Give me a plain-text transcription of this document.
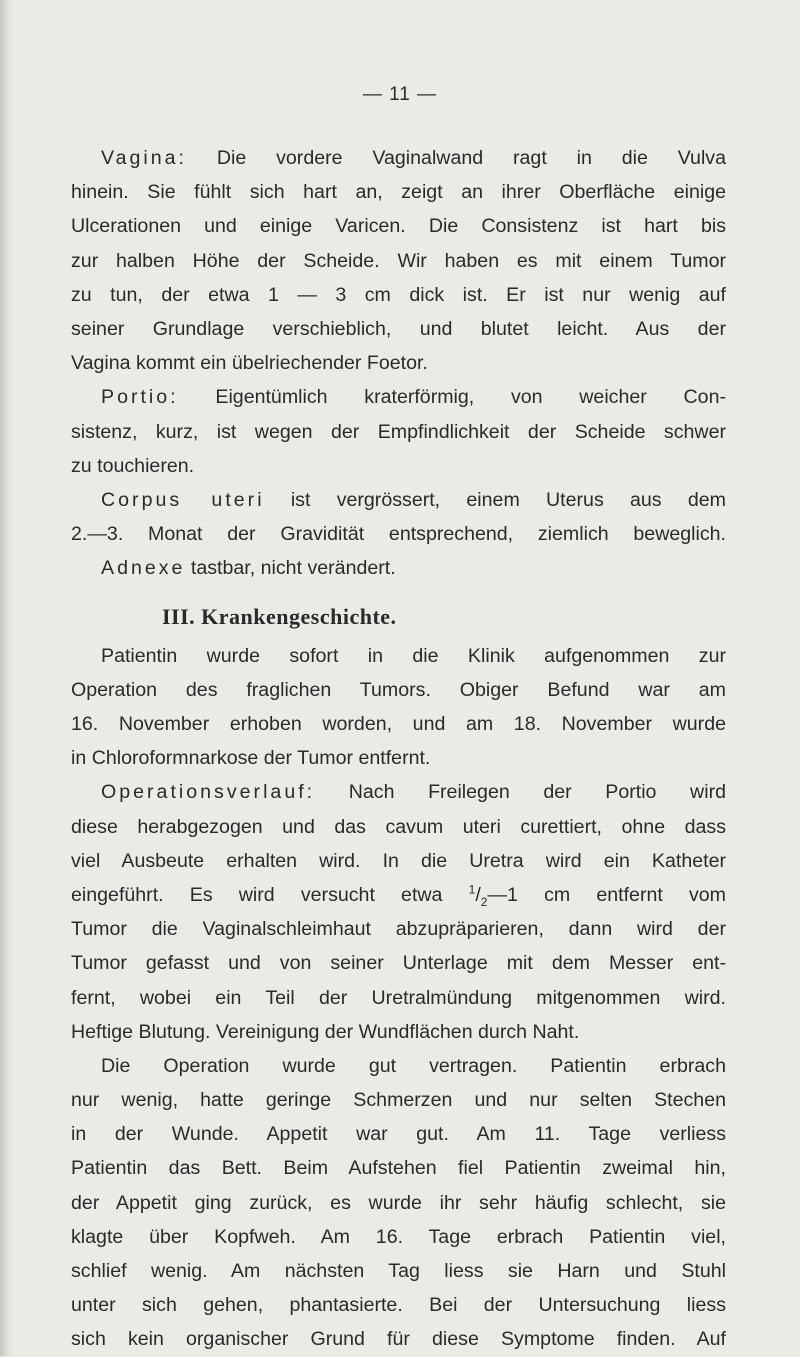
— 11 —
Vagina: Die vordere Vaginalwand ragt in die Vulva
hinein. Sie fühlt sich hart an, zeigt an ihrer Oberfläche einige
Ulcerationen und einige Varicen. Die Consistenz ist hart bis
zur halben Höhe der Scheide. Wir haben es mit einem Tumor
zu tun, der etwa 1 — 3 cm dick ist. Er ist nur wenig auf
seiner Grundlage verschieblich, und blutet leicht. Aus der
Vagina kommt ein übelriechender Foetor.
Portio: Eigentümlich kraterförmig, von weicher Con-
sistenz, kurz, ist wegen der Empfindlichkeit der Scheide schwer
zu touchieren.
Corpus uteri ist vergrössert, einem Uterus aus dem
2.—3. Monat der Gravidität entsprechend, ziemlich beweglich.
Adnexe tastbar, nicht verändert.
III. Krankengeschichte.
Patientin wurde sofort in die Klinik aufgenommen zur
Operation des fraglichen Tumors. Obiger Befund war am
16. November erhoben worden, und am 18. November wurde
in Chloroformnarkose der Tumor entfernt.
Operationsverlauf: Nach Freilegen der Portio wird
diese herabgezogen und das cavum uteri curettiert, ohne dass
viel Ausbeute erhalten wird. In die Uretra wird ein Katheter
eingeführt. Es wird versucht etwa $^1/_2—1$ cm entfernt vom
Tumor die Vaginalschleimhaut abzupräparieren, dann wird der
Tumor gefasst und von seiner Unterlage mit dem Messer ent-
fernt, wobei ein Teil der Uretralmündung mitgenommen wird.
Heftige Blutung. Vereinigung der Wundflächen durch Naht.
Die Operation wurde gut vertragen. Patientin erbrach
nur wenig, hatte geringe Schmerzen und nur selten Stechen
in der Wunde. Appetit war gut. Am 11. Tage verliess
Patientin das Bett. Beim Aufstehen fiel Patientin zweimal hin,
der Appetit ging zurück, es wurde ihr sehr häufig schlecht, sie
klagte über Kopfweh. Am 16. Tage erbrach Patientin viel,
schlief wenig. Am nächsten Tag liess sie Harn und Stuhl
unter sich gehen, phantasierte. Bei der Untersuchung liess
sich kein organischer Grund für diese Symptome finden. Auf
